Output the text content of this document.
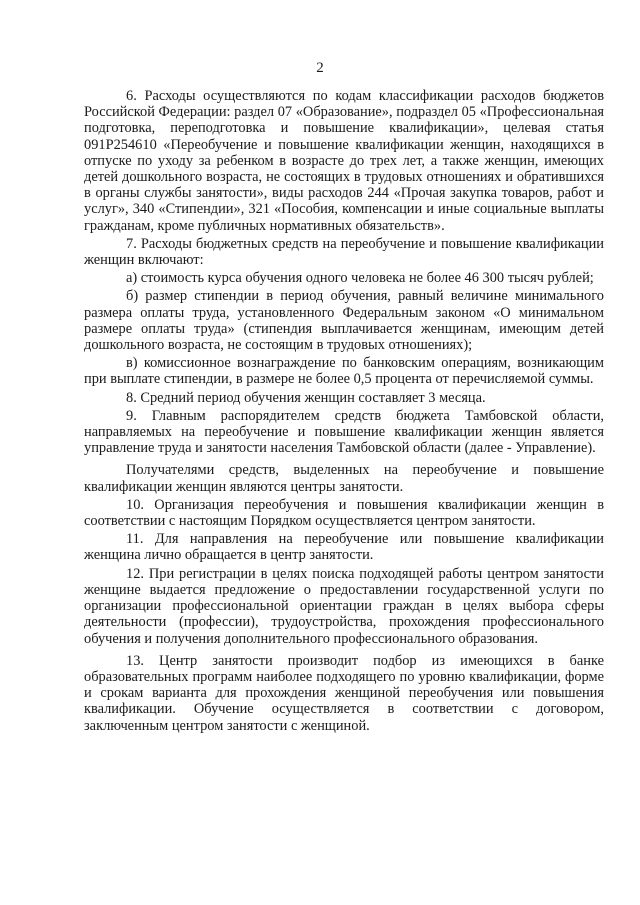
2

6. Расходы осуществляются по кодам классификации расходов бюджетов Российской Федерации: раздел 07 «Образование», подраздел 05 «Профессиональная подготовка, переподготовка и повышение квалификации», целевая статья 091Р254610 «Переобучение и повышение квалификации женщин, находящихся в отпуске по уходу за ребенком в возрасте до трех лет, а также женщин, имеющих детей дошкольного возраста, не состоящих в трудовых отношениях и обратившихся в органы службы занятости», виды расходов 244 «Прочая закупка товаров, работ и услуг», 340 «Стипендии», 321 «Пособия, компенсации и иные социальные выплаты гражданам, кроме публичных нормативных обязательств».

7. Расходы бюджетных средств на переобучение и повышение квалификации женщин включают:

а) стоимость курса обучения одного человека не более 46 300 тысяч рублей;

б) размер стипендии в период обучения, равный величине минимального размера оплаты труда, установленного Федеральным законом «О минимальном размере оплаты труда» (стипендия выплачивается женщинам, имеющим детей дошкольного возраста, не состоящим в трудовых отношениях);

в) комиссионное вознаграждение по банковским операциям, возникающим при выплате стипендии, в размере не более 0,5 процента от перечисляемой суммы.

8. Средний период обучения женщин составляет 3 месяца.

9. Главным распорядителем средств бюджета Тамбовской области, направляемых на переобучение и повышение квалификации женщин является управление труда и занятости населения Тамбовской области (далее - Управление).

Получателями средств, выделенных на переобучение и повышение квалификации женщин являются центры занятости.

10. Организация переобучения и повышения квалификации женщин в соответствии с настоящим Порядком осуществляется центром занятости.

11. Для направления на переобучение или повышение квалификации женщина лично обращается в центр занятости.

12. При регистрации в целях поиска подходящей работы центром занятости женщине выдается предложение о предоставлении государственной услуги по организации профессиональной ориентации граждан в целях выбора сферы деятельности (профессии), трудоустройства, прохождения профессионального обучения и получения дополнительного профессионального образования.

13. Центр занятости производит подбор из имеющихся в банке образовательных программ наиболее подходящего по уровню квалификации, форме и срокам варианта для прохождения женщиной переобучения или повышения квалификации. Обучение осуществляется в соответствии с договором, заключенным центром занятости с женщиной.
